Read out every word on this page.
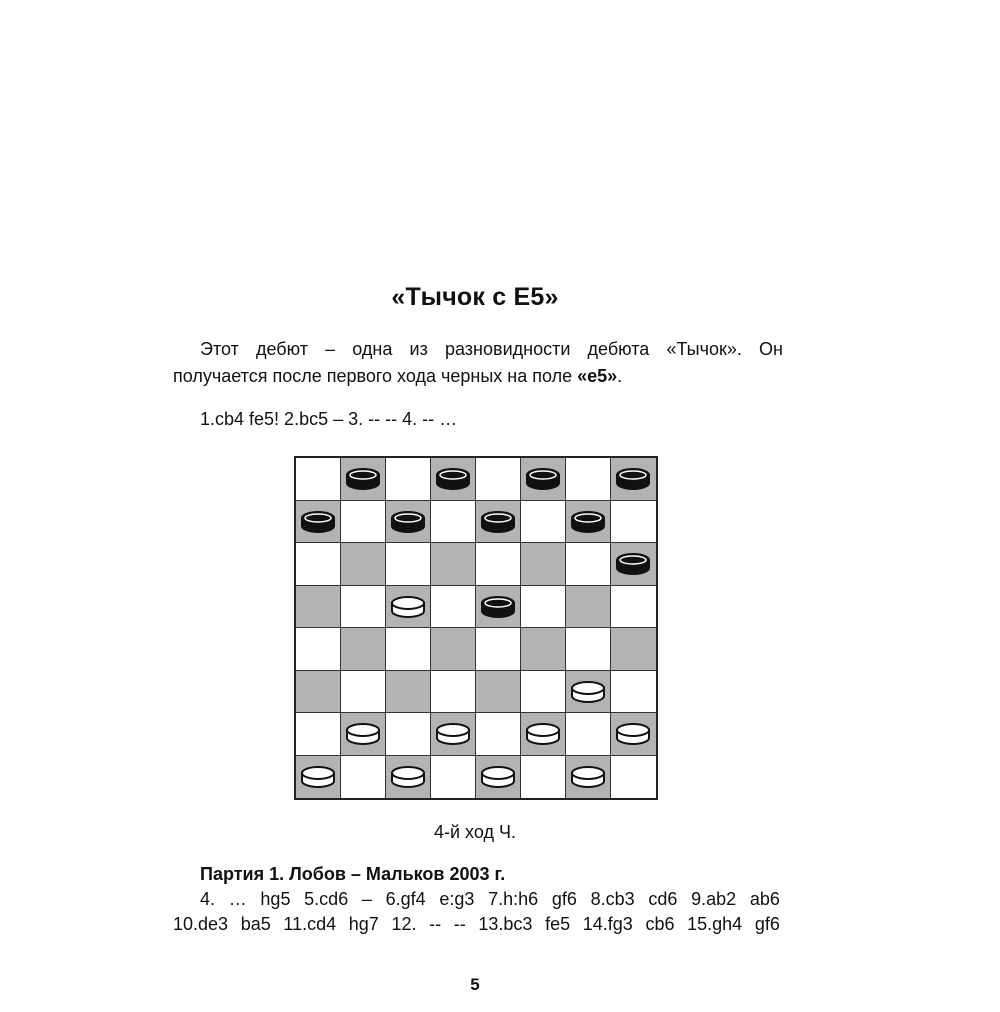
«Тычок с Е5»
Этот дебют – одна из разновидности дебюта «Тычок». Он получается после первого хода черных на поле «е5».
1.cb4 fe5! 2.bc5 – 3. -- -- 4. -- …
4-й ход Ч.
Партия 1. Лобов – Мальков 2003 г.
4. … hg5 5.cd6 – 6.gf4 e:g3 7.h:h6 gf6 8.cb3 cd6 9.ab2 ab6
10.de3 ba5 11.cd4 hg7 12. -- -- 13.bc3 fe5 14.fg3 cb6 15.gh4 gf6
5
